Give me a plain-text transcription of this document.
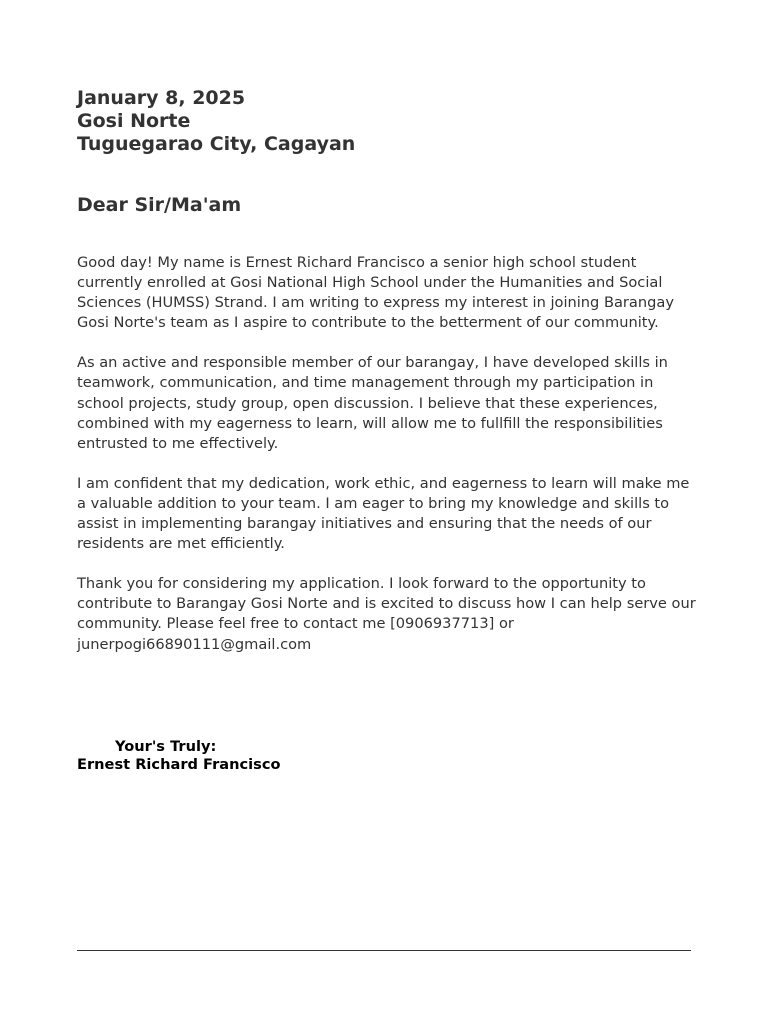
January 8, 2025
Gosi Norte
Tuguegarao City, Cagayan
Dear Sir/Ma'am

Good day! My name is Ernest Richard Francisco a senior high school student currently enrolled at Gosi National High School under the Humanities and Social Sciences (HUMSS) Strand. I am writing to express my interest in joining Barangay Gosi Norte's team as I aspire to contribute to the betterment of our community.

As an active and responsible member of our barangay, I have developed skills in teamwork, communication, and time management through my participation in school projects, study group, open discussion. I believe that these experiences, combined with my eagerness to learn, will allow me to fullfill the responsibilities entrusted to me effectively.

I am confident that my dedication, work ethic, and eagerness to learn will make me a valuable addition to your team. I am eager to bring my knowledge and skills to assist in implementing barangay initiatives and ensuring that the needs of our residents are met efficiently.

Thank you for considering my application. I look forward to the opportunity to contribute to Barangay Gosi Norte and is excited to discuss how I can help serve our community. Please feel free to contact me [0906937713] or junerpogi66890111@gmail.com

Your's Truly:
Ernest Richard Francisco
